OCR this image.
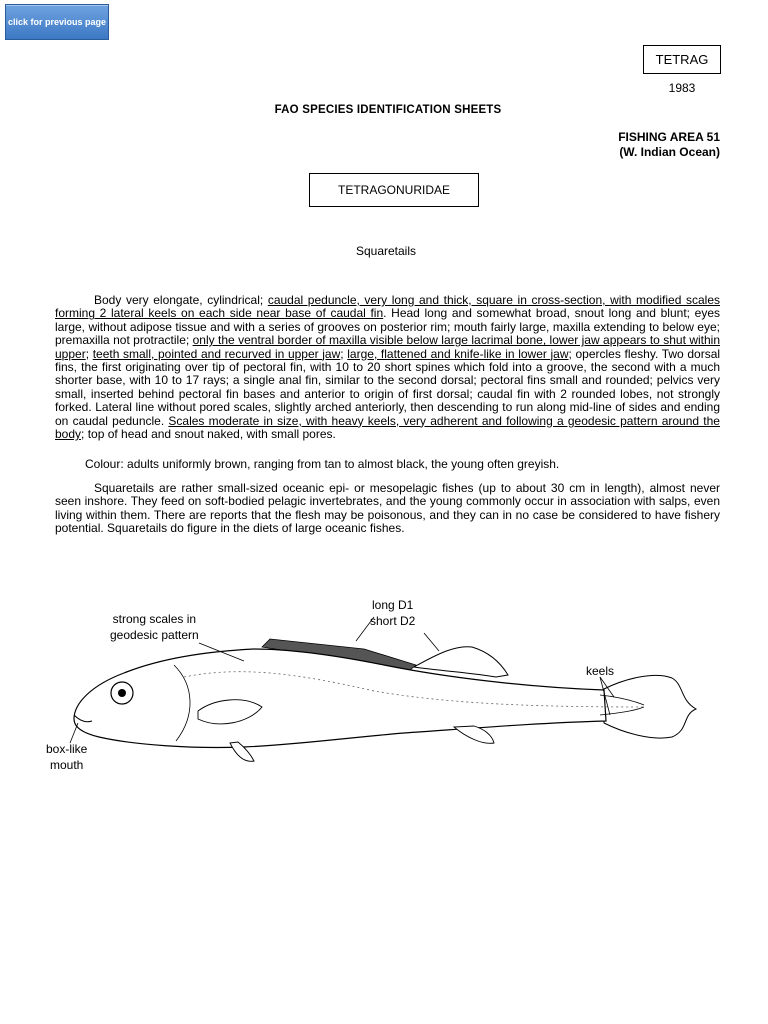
click for previous page
TETRAG
1983
FAO SPECIES IDENTIFICATION SHEETS
FISHING AREA 51
(W. Indian Ocean)
TETRAGONURIDAE
Squaretails

Body very elongate, cylindrical; caudal peduncle, very long and thick, square in cross-section, with modified scales forming 2 lateral keels on each side near base of caudal fin. Head long and somewhat broad, snout long and blunt; eyes large, without adipose tissue and with a series of grooves on posterior rim; mouth fairly large, maxilla extending to below eye; premaxilla not protractile; only the ventral border of maxilla visible below large lacrimal bone, lower jaw appears to shut within upper; teeth small, pointed and recurved in upper jaw; large, flattened and knife-like in lower jaw; opercles fleshy. Two dorsal fins, the first originating over tip of pectoral fin, with 10 to 20 short spines which fold into a groove, the second with a much shorter base, with 10 to 17 rays; a single anal fin, similar to the second dorsal; pectoral fins small and rounded; pelvics very small, inserted behind pectoral fin bases and anterior to origin of first dorsal; caudal fin with 2 rounded lobes, not strongly forked. Lateral line without pored scales, slightly arched anteriorly, then descending to run along mid-line of sides and ending on caudal peduncle. Scales moderate in size, with heavy keels, very adherent and following a geodesic pattern around the body; top of head and snout naked, with small pores.

Colour: adults uniformly brown, ranging from tan to almost black, the young often greyish.

Squaretails are rather small-sized oceanic epi- or mesopelagic fishes (up to about 30 cm in length), almost never seen inshore. They feed on soft-bodied pelagic invertebrates, and the young commonly occur in association with salps, even living within them. There are reports that the flesh may be poisonous, and they can in no case be considered to have fishery potential. Squaretails do figure in the diets of large oceanic fishes.

strong scales in
geodesic pattern
long D1
short D2
keels
box-like
mouth
